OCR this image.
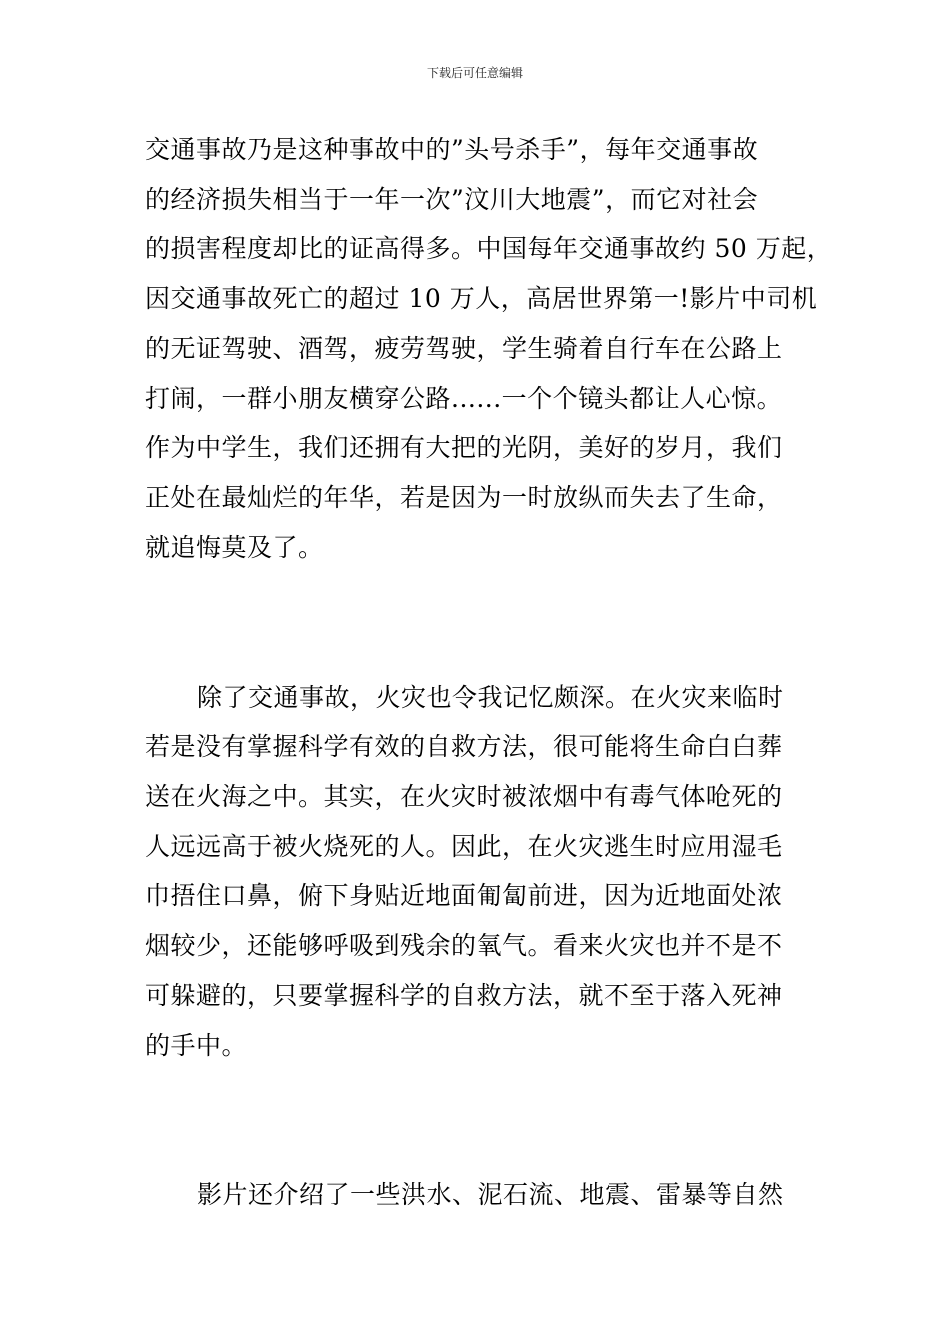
下载后可任意编辑
交通事故乃是这种事故中的”头号杀手”，每年交通事故
的经济损失相当于一年一次”汶川大地震”，而它对社会
的损害程度却比的证高得多。中国每年交通事故约 50 万起，
因交通事故死亡的超过 10 万人，高居世界第一!影片中司机
的无证驾驶、酒驾，疲劳驾驶，学生骑着自行车在公路上
打闹，一群小朋友横穿公路......一个个镜头都让人心惊。
作为中学生，我们还拥有大把的光阴，美好的岁月，我们
正处在最灿烂的年华，若是因为一时放纵而失去了生命，
就追悔莫及了。
除了交通事故，火灾也令我记忆颇深。在火灾来临时
若是没有掌握科学有效的自救方法，很可能将生命白白葬
送在火海之中。其实，在火灾时被浓烟中有毒气体呛死的
人远远高于被火烧死的人。因此，在火灾逃生时应用湿毛
巾捂住口鼻，俯下身贴近地面匍匐前进，因为近地面处浓
烟较少，还能够呼吸到残余的氧气。看来火灾也并不是不
可躲避的，只要掌握科学的自救方法，就不至于落入死神
的手中。
影片还介绍了一些洪水、泥石流、地震、雷暴等自然
